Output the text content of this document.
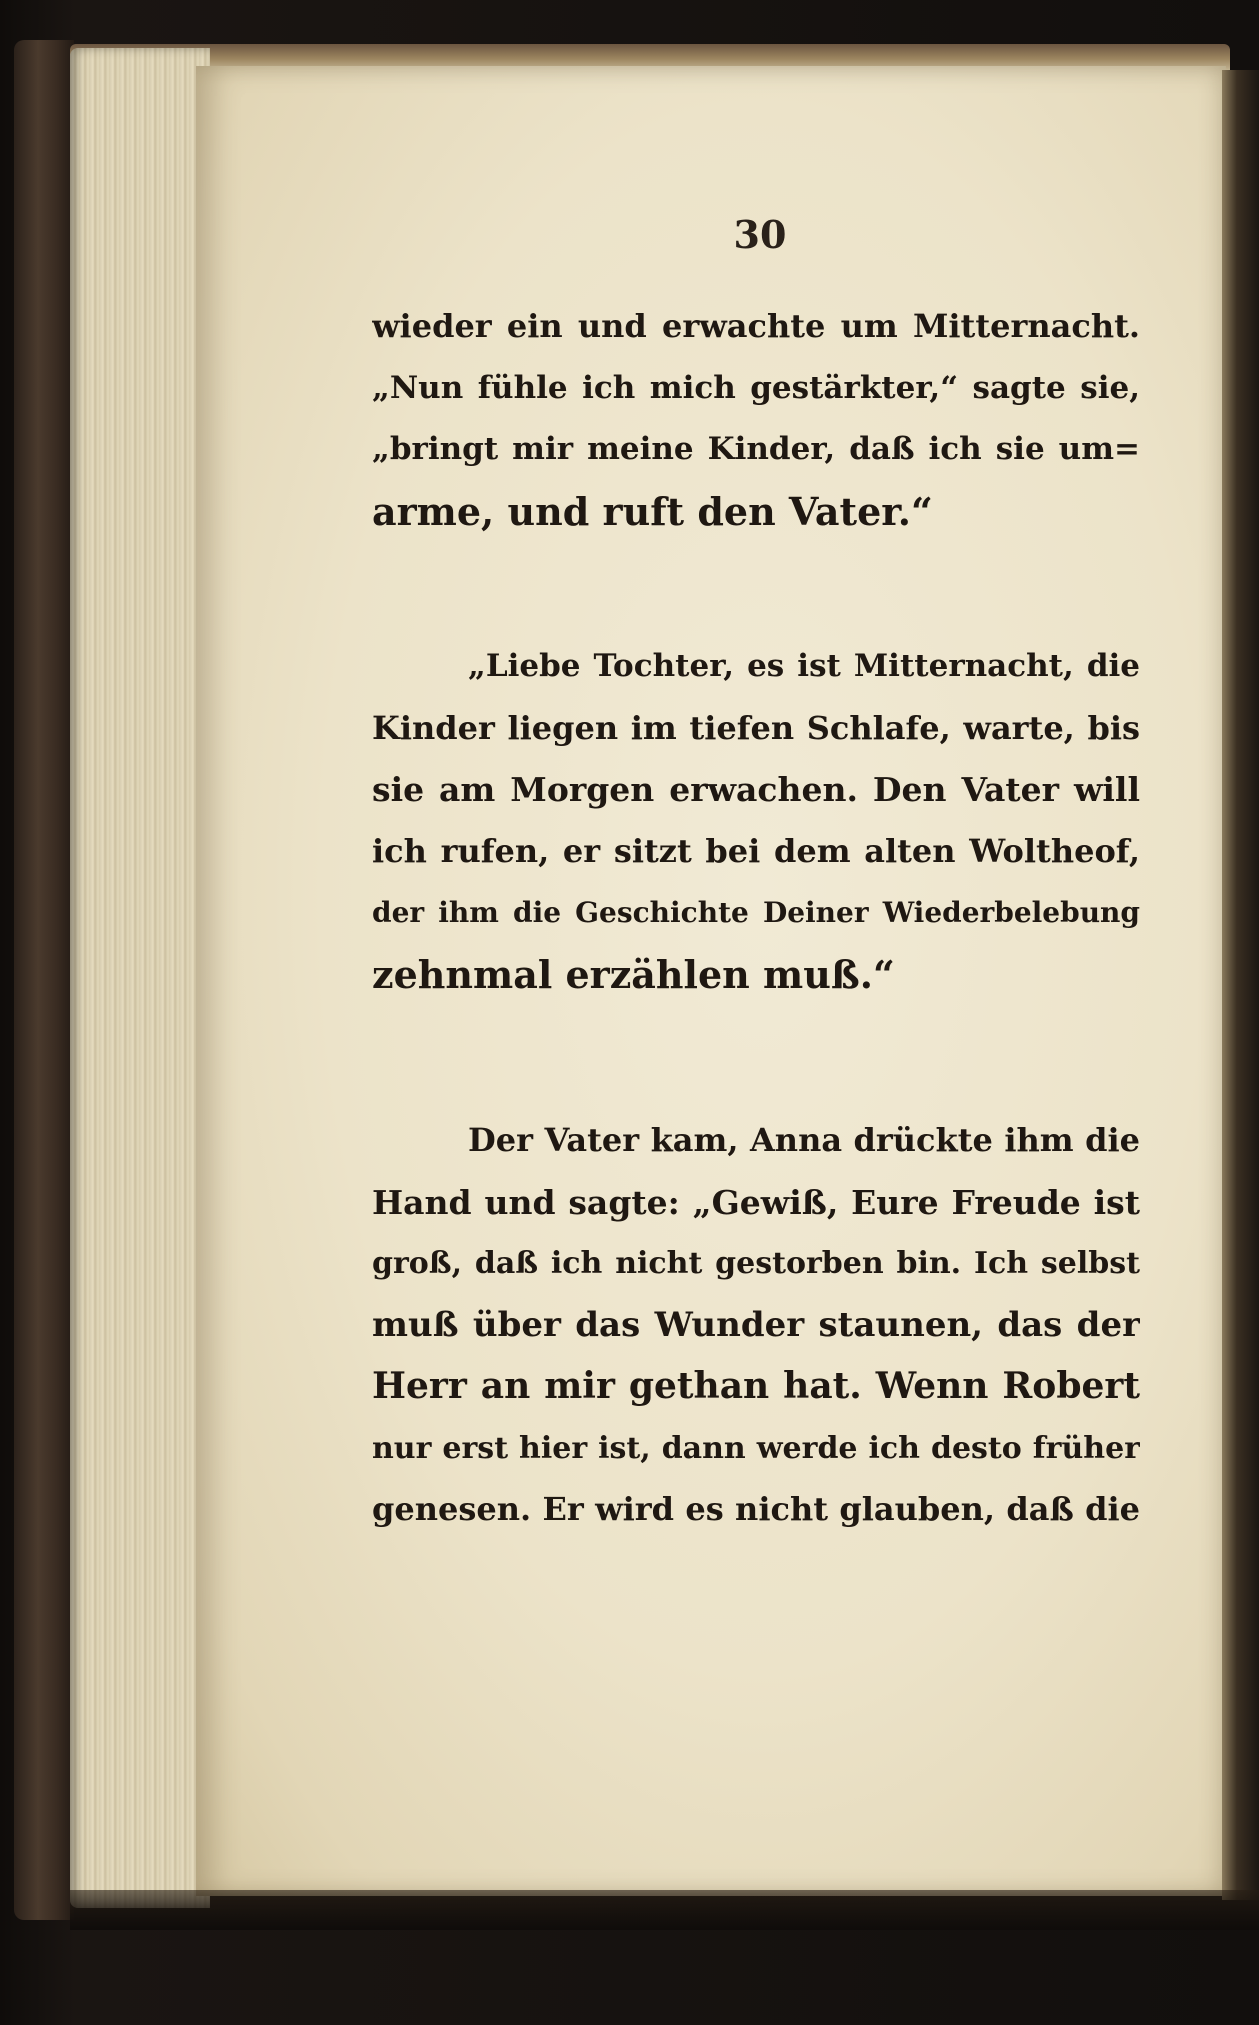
30
wieder ein und erwachte um Mitternacht.
„Nun fühle ich mich gestärkter,“ sagte sie,
„bringt mir meine Kinder, daß ich sie um=
arme, und ruft den Vater.“
„Liebe Tochter, es ist Mitternacht, die
Kinder liegen im tiefen Schlafe, warte, bis
sie am Morgen erwachen. Den Vater will
ich rufen, er sitzt bei dem alten Woltheof,
der ihm die Geschichte Deiner Wiederbelebung
zehnmal erzählen muß.“
Der Vater kam, Anna drückte ihm die
Hand und sagte: „Gewiß, Eure Freude ist
groß, daß ich nicht gestorben bin. Ich selbst
muß über das Wunder staunen, das der
Herr an mir gethan hat. Wenn Robert
nur erst hier ist, dann werde ich desto früher
genesen. Er wird es nicht glauben, daß die
